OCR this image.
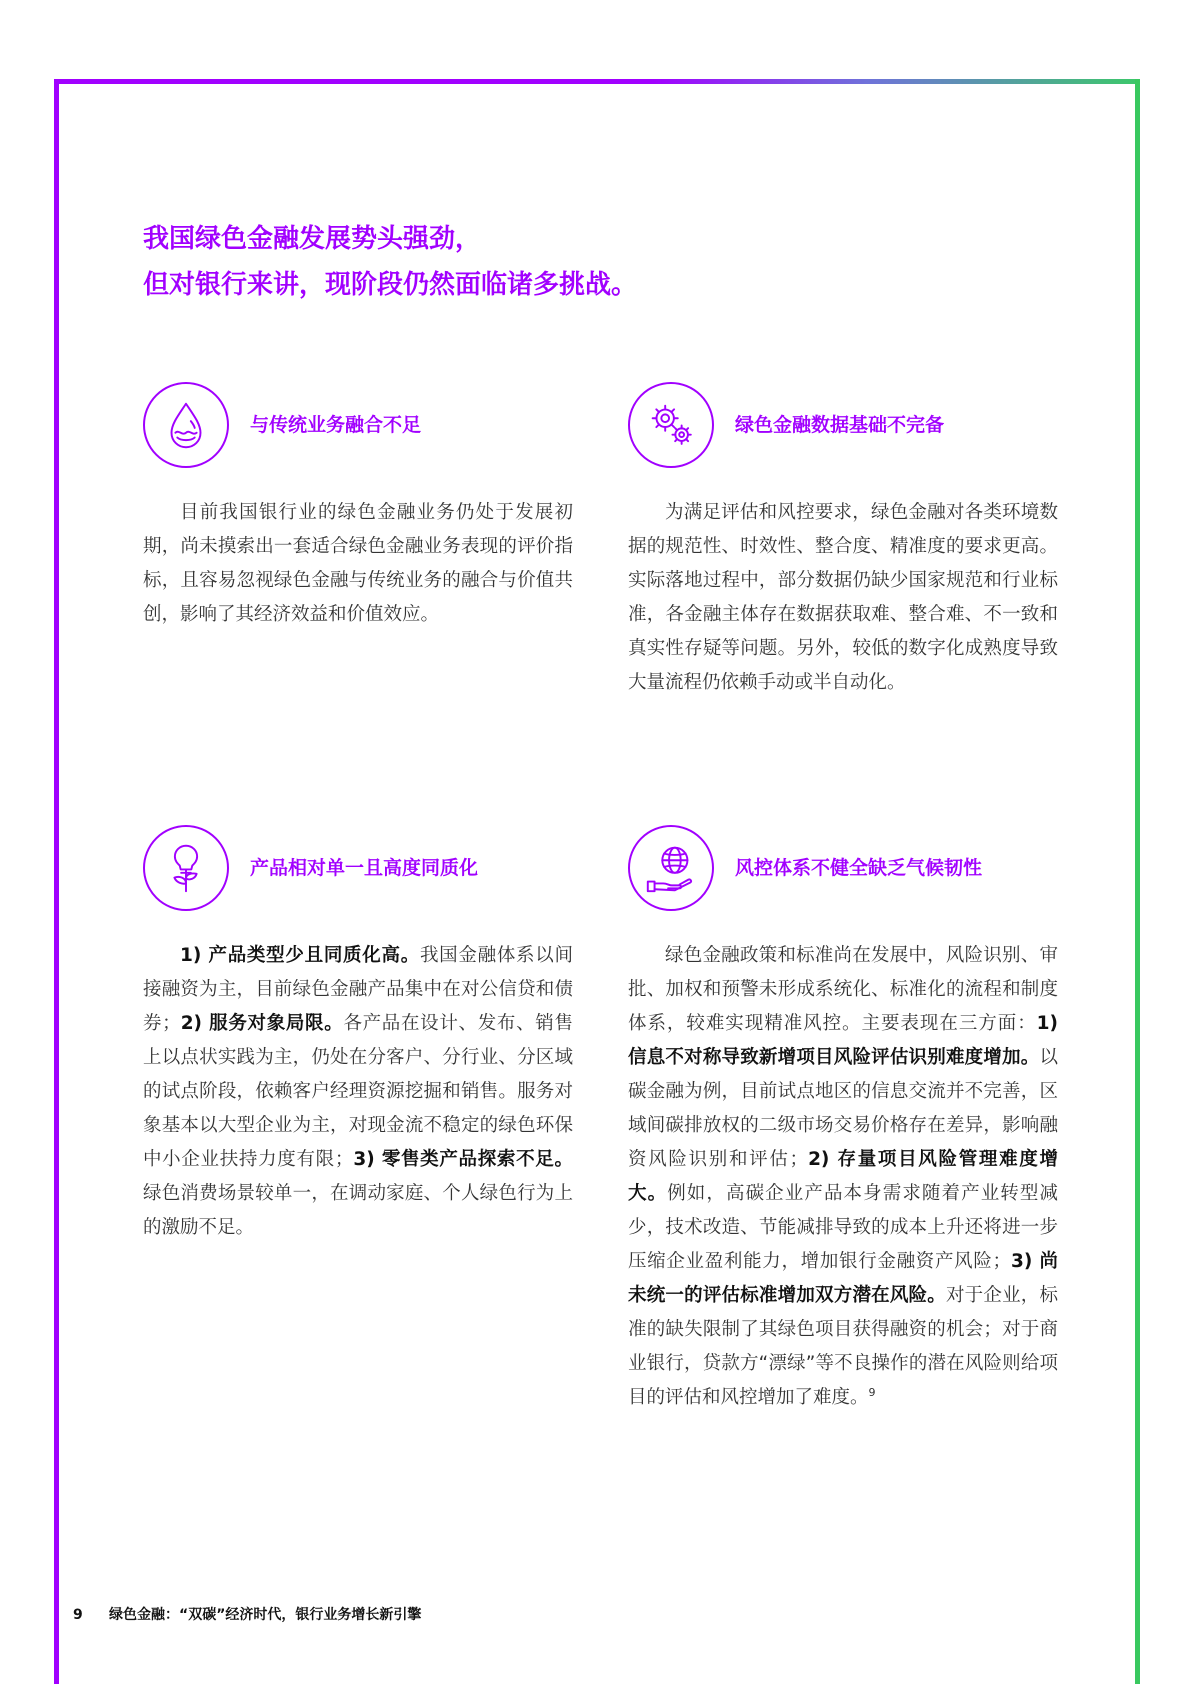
我国绿色金融发展势头强劲，
但对银行来讲，现阶段仍然面临诸多挑战。
与传统业务融合不足
目前我国银行业的绿色金融业务仍处于发展初期，尚未摸索出一套适合绿色金融业务表现的评价指标，且容易忽视绿色金融与传统业务的融合与价值共创，影响了其经济效益和价值效应。
绿色金融数据基础不完备
为满足评估和风控要求，绿色金融对各类环境数据的规范性、时效性、整合度、精准度的要求更高。实际落地过程中，部分数据仍缺少国家规范和行业标准，各金融主体存在数据获取难、整合难、不一致和真实性存疑等问题。另外，较低的数字化成熟度导致大量流程仍依赖手动或半自动化。
产品相对单一且高度同质化
1) 产品类型少且同质化高。我国金融体系以间接融资为主，目前绿色金融产品集中在对公信贷和债券；2) 服务对象局限。各产品在设计、发布、销售上以点状实践为主，仍处在分客户、分行业、分区域的试点阶段，依赖客户经理资源挖掘和销售。服务对象基本以大型企业为主，对现金流不稳定的绿色环保中小企业扶持力度有限；3) 零售类产品探索不足。绿色消费场景较单一，在调动家庭、个人绿色行为上的激励不足。
风控体系不健全缺乏气候韧性
绿色金融政策和标准尚在发展中，风险识别、审批、加权和预警未形成系统化、标准化的流程和制度体系，较难实现精准风控。主要表现在三方面：1) 信息不对称导致新增项目风险评估识别难度增加。以碳金融为例，目前试点地区的信息交流并不完善，区域间碳排放权的二级市场交易价格存在差异，影响融资风险识别和评估；2) 存量项目风险管理难度增大。例如，高碳企业产品本身需求随着产业转型减少，技术改造、节能减排导致的成本上升还将进一步压缩企业盈利能力，增加银行金融资产风险；3) 尚未统一的评估标准增加双方潜在风险。对于企业，标准的缺失限制了其绿色项目获得融资的机会；对于商业银行，贷款方“漂绿”等不良操作的潜在风险则给项目的评估和风控增加了难度。$^9$
9 绿色金融：“双碳”经济时代，银行业务增长新引擎
